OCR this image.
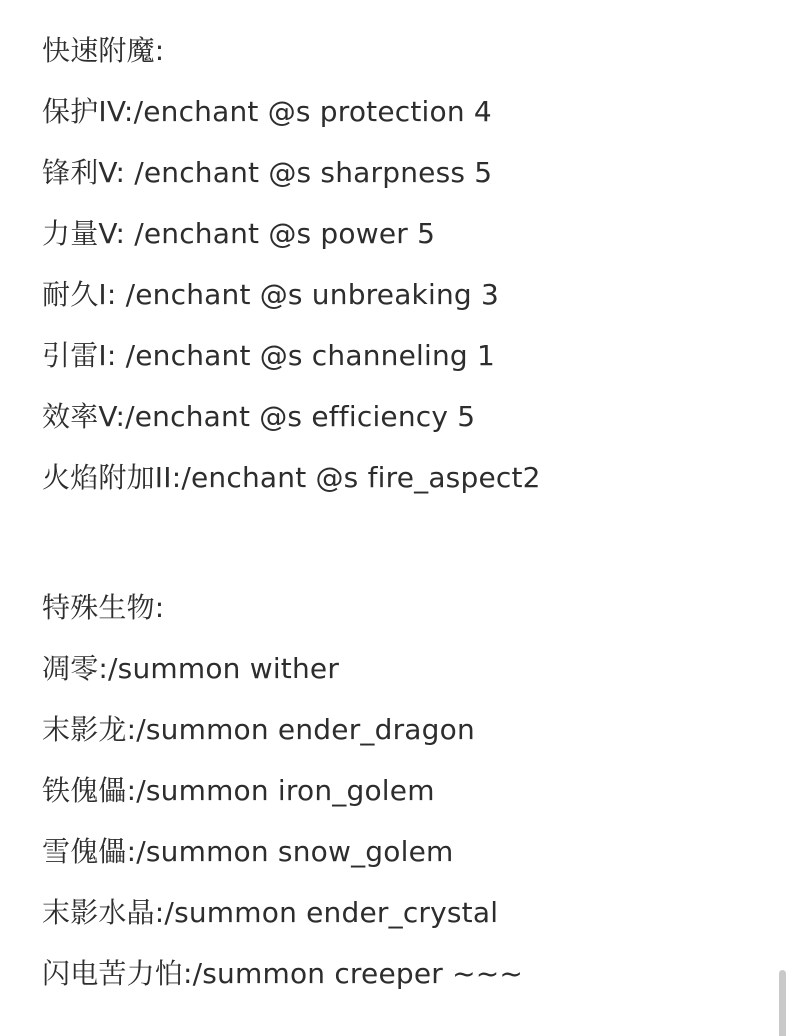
快速附魔:
保护IV:/enchant @s protection 4
锋利V: /enchant @s sharpness 5
力量V: /enchant @s power 5
耐久I: /enchant @s unbreaking 3
引雷I: /enchant @s channeling 1
效率V:/enchant @s efficiency 5
火焰附加II:/enchant @s fire_aspect2
特殊生物:
凋零:/summon wither
末影龙:/summon ender_dragon
铁傀儡:/summon iron_golem
雪傀儡:/summon snow_golem
末影水晶:/summon ender_crystal
闪电苦力怕:/summon creeper ~~~
